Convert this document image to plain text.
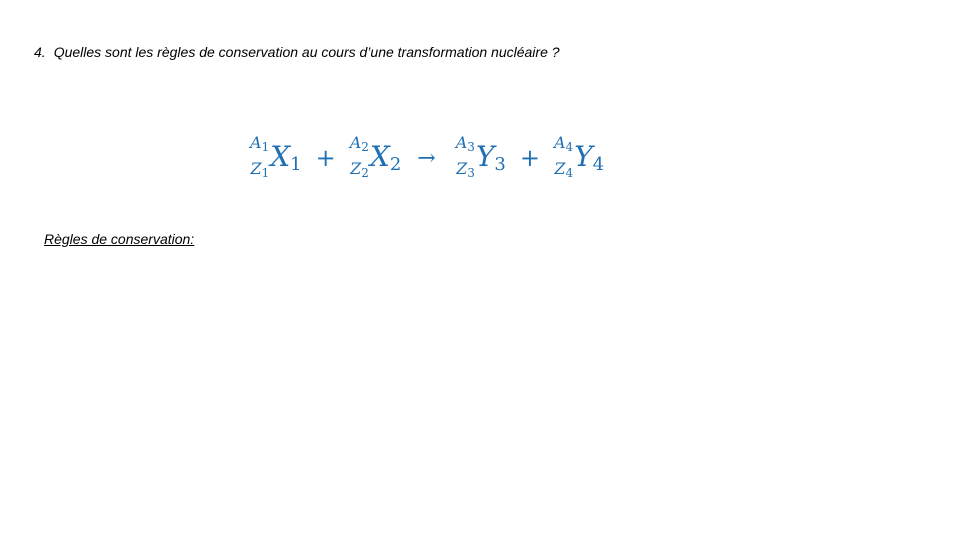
4. Quelles sont les règles de conservation au cours d’une transformation nucléaire ?
$A_1$
$Z_1$
$X_1$ +
$A_2$
$Z_2$
$X_2$ →
$A_3$
$Z_3$
$Y_3$ +
$A_4$
$Z_4$
$Y_4$
Règles de conservation:
